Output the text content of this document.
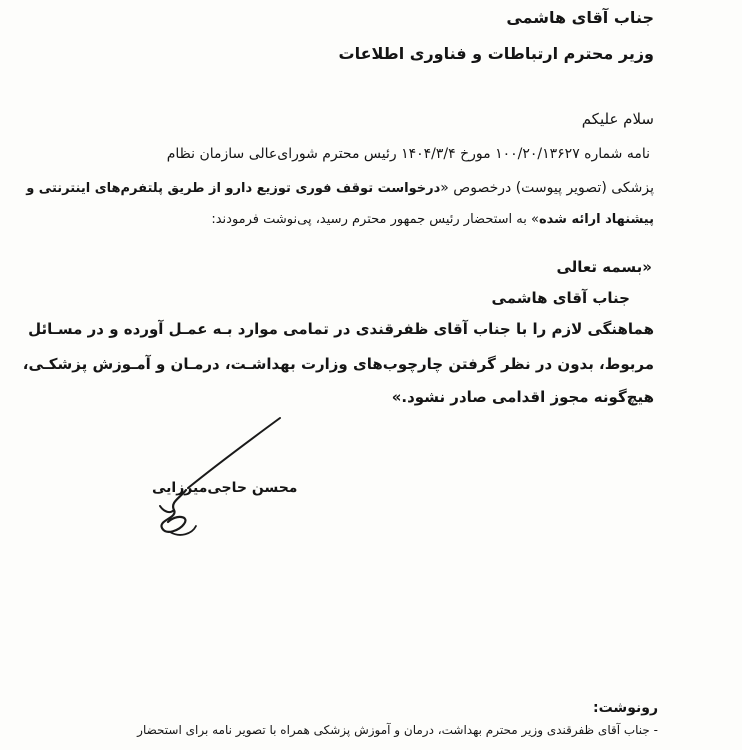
جناب آقای هاشمی
وزیر محترم ارتباطات و فناوری اطلاعات
سلام علیکم
نامه شماره ۱۰۰/۲۰/۱۳۶۲۷ مورخ ۱۴۰۴/۳/۴ رئیس محترم شورای‌عالی سازمان نظام
پزشکی (تصویر پیوست) درخصوص «درخواست توقف فوری توزیع دارو از طریق پلتفرم‌های اینترنتی و
پیشنهاد ارائه شده» به استحضار رئیس جمهور محترم رسید، پی‌نوشت فرمودند:
«بسمه تعالی
جناب آقای هاشمی
هماهنگی لازم را با جناب آقای ظفرقندی در تمامی موارد بـه عمـل آورده و در مسـائل
مربوط، بدون در نظر گرفتن چارچوب‌های وزارت بهداشـت، درمـان و آمـوزش پزشکـی،
هیچ‌گونه مجوز اقدامی صادر نشود.»
محسن حاجی‌میرزایی
رونوشت:
- جناب آقای ظفرقندی وزیر محترم بهداشت، درمان و آموزش پزشکی همراه با تصویر نامه برای استحضار
